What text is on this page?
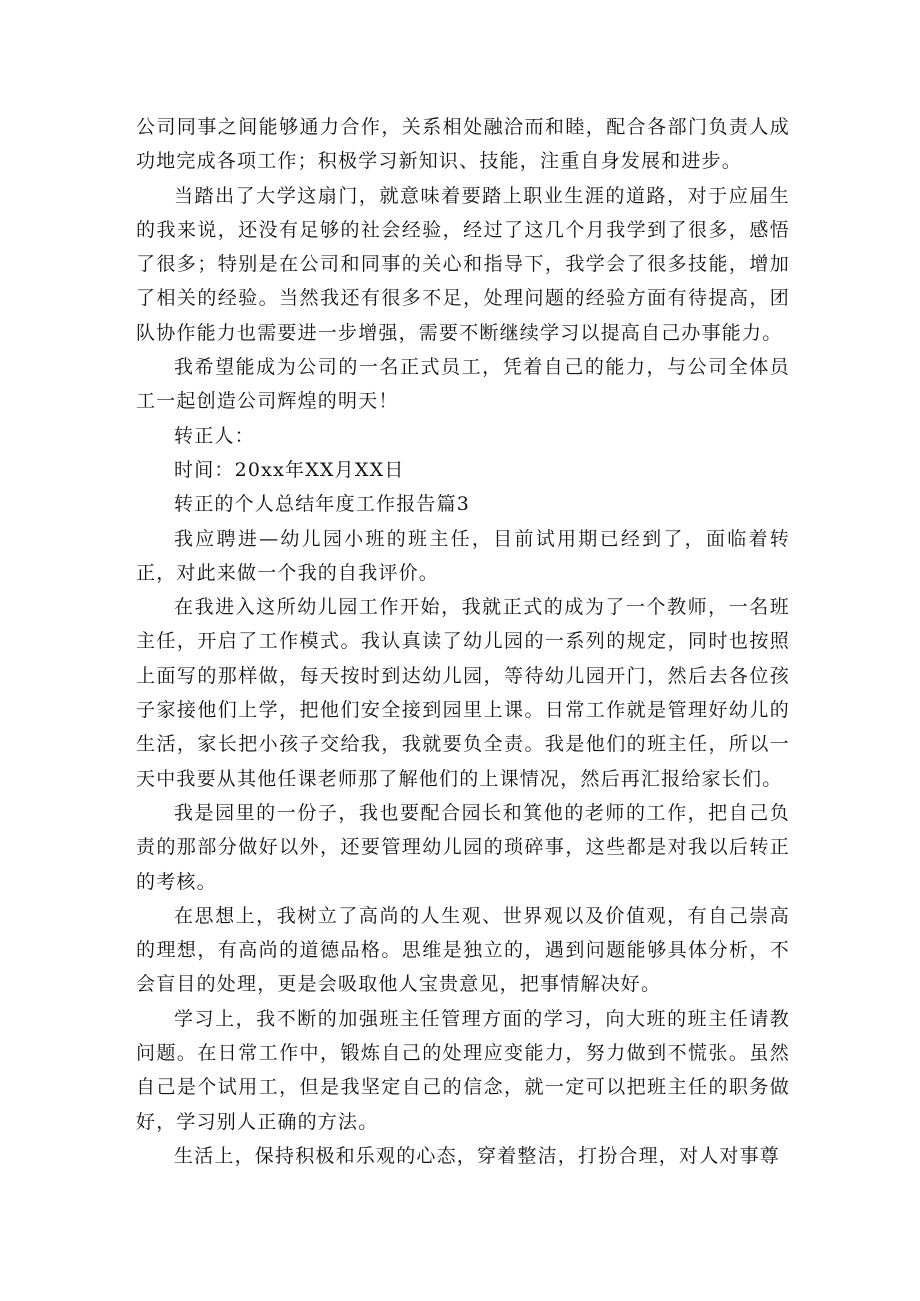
公司同事之间能够通力合作，关系相处融洽而和睦，配合各部门负责人成功地完成各项工作；积极学习新知识、技能，注重自身发展和进步。

当踏出了大学这扇门，就意味着要踏上职业生涯的道路，对于应届生的我来说，还没有足够的社会经验，经过了这几个月我学到了很多，感悟了很多；特别是在公司和同事的关心和指导下，我学会了很多技能，增加了相关的经验。当然我还有很多不足，处理问题的经验方面有待提高，团队协作能力也需要进一步增强，需要不断继续学习以提高自己办事能力。

我希望能成为公司的一名正式员工，凭着自己的能力，与公司全体员工一起创造公司辉煌的明天！

转正人：

时间：20xx年XX月XX日

转正的个人总结年度工作报告篇3

我应聘进—幼儿园小班的班主任，目前试用期已经到了，面临着转正，对此来做一个我的自我评价。

在我进入这所幼儿园工作开始，我就正式的成为了一个教师，一名班主任，开启了工作模式。我认真读了幼儿园的一系列的规定，同时也按照上面写的那样做，每天按时到达幼儿园，等待幼儿园开门，然后去各位孩子家接他们上学，把他们安全接到园里上课。日常工作就是管理好幼儿的生活，家长把小孩子交给我，我就要负全责。我是他们的班主任，所以一天中我要从其他任课老师那了解他们的上课情况，然后再汇报给家长们。

我是园里的一份子，我也要配合园长和箕他的老师的工作，把自己负责的那部分做好以外，还要管理幼儿园的琐碎事，这些都是对我以后转正的考核。

在思想上，我树立了高尚的人生观、世界观以及价值观，有自己崇高的理想，有高尚的道德品格。思维是独立的，遇到问题能够具体分析，不会盲目的处理，更是会吸取他人宝贵意见，把事情解决好。

学习上，我不断的加强班主任管理方面的学习，向大班的班主任请教问题。在日常工作中，锻炼自己的处理应变能力，努力做到不慌张。虽然自己是个试用工，但是我坚定自己的信念，就一定可以把班主任的职务做好，学习别人正确的方法。

生活上，保持积极和乐观的心态，穿着整洁，打扮合理，对人对事尊
